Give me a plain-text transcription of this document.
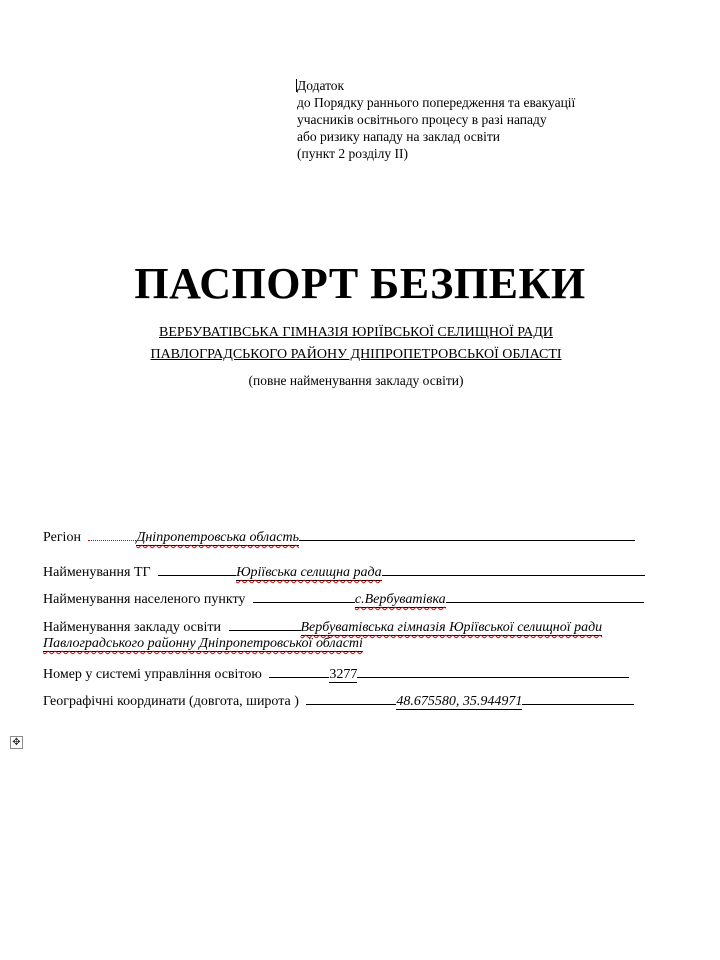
Додаток
до Порядку раннього попередження та евакуації
учасників освітнього процесу в разі нападу
або ризику нападу на заклад освіти
(пункт 2 розділу ІІ)
ПАСПОРТ БЕЗПЕКИ
ВЕРБУВАТІВСЬКА ГІМНАЗІЯ ЮРІЇВСЬКОЇ СЕЛИЩНОЇ РАДИ
ПАВЛОГРАДСЬКОГО РАЙОНУ ДНІПРОПЕТРОВСЬКОЇ ОБЛАСТІ
(повне найменування закладу освіти)
Регіон	Дніпропетровська область
Найменування ТГ	Юріївська селищна рада
Найменування населеного пункту	с.Вербуватівка
Найменування закладу освіти	Вербуватівська гімназія Юріївської селищної ради
Павлоградського районну Дніпропетровської області
Номер у системі управління освітою	3277
Географічні координати (довгота, широта )	48.675580, 35.944971
✥
